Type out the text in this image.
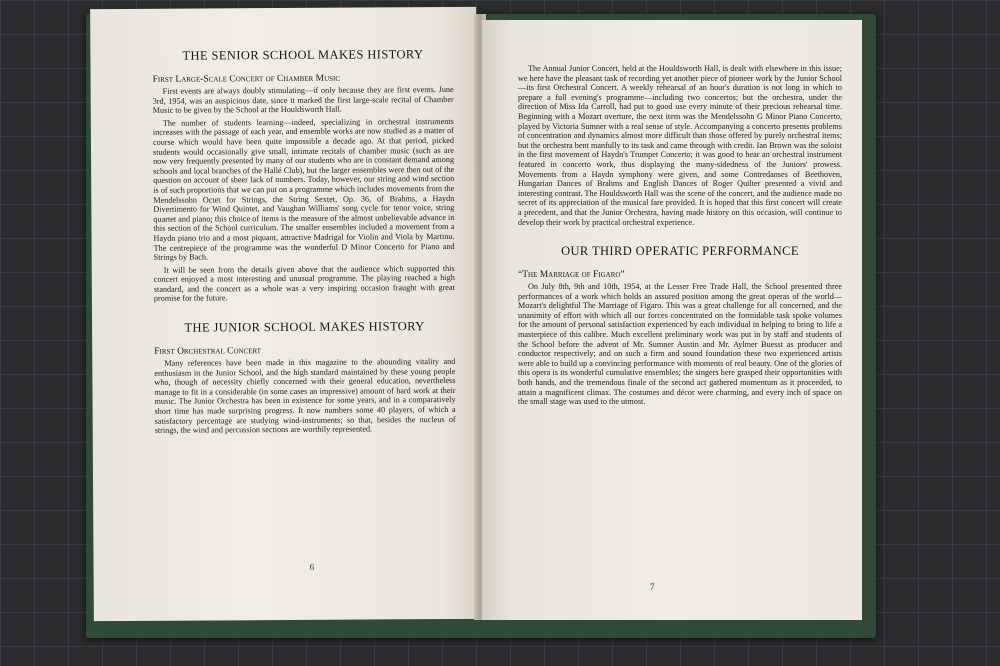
THE SENIOR SCHOOL MAKES HISTORY
First Large-Scale Concert of Chamber Music

First events are always doubly stimulating—if only because they are first events. June 3rd, 1954, was an auspicious date, since it marked the first large-scale recital of Chamber Music to be given by the School at the Houldsworth Hall.

The number of students learning—indeed, specializing in orchestral instruments increases with the passage of each year, and ensemble works are now studied as a matter of course which would have been quite impossible a decade ago. At that period, picked students would occasionally give small, intimate recitals of chamber music (such as are now very frequently presented by many of our students who are in constant demand among schools and local branches of the Hallé Club), but the larger ensembles were then out of the question on account of sheer lack of numbers. Today, however, our string and wind section is of such proportions that we can put on a programme which includes movements from the Mendelssohn Octet for Strings, the String Sextet, Op. 36, of Brahms, a Haydn Divertimento for Wind Quintet, and Vaughan Williams' song cycle for tenor voice, string quartet and piano; this choice of items is the measure of the almost unbelievable advance in this section of the School curriculum. The smaller ensembles included a movement from a Haydn piano trio and a most piquant, attractive Madrigal for Violin and Viola by Martinu. The centrepiece of the programme was the wonderful D Minor Concerto for Piano and Strings by Bach.

It will be seen from the details given above that the audience which supported this concert enjoyed a most interesting and unusual programme. The playing reached a high standard, and the concert as a whole was a very inspiring occasion fraught with great promise for the future.

THE JUNIOR SCHOOL MAKES HISTORY
First Orchestral Concert

Many references have been made in this magazine to the abounding vitality and enthusiasm in the Junior School, and the high standard maintained by these young people who, though of necessity chiefly concerned with their general education, nevertheless manage to fit in a considerable (in some cases an impressive) amount of hard work at their music. The Junior Orchestra has been in existence for some years, and in a comparatively short time has made surprising progress. It now numbers some 40 players, of which a satisfactory percentage are studying wind-instruments; so that, besides the nucleus of strings, the wind and percussion sections are worthily represented.

6

The Annual Junior Concert, held at the Houldsworth Hall, is dealt with elsewhere in this issue; we here have the pleasant task of recording yet another piece of pioneer work by the Junior School—its first Orchestral Concert. A weekly rehearsal of an hour's duration is not long in which to prepare a full evening's programme—including two concertos; but the orchestra, under the direction of Miss Ida Carroll, had put to good use every minute of their precious rehearsal time. Beginning with a Mozart overture, the next item was the Mendelssohn G Minor Piano Concerto, played by Victoria Sumner with a real sense of style. Accompanying a concerto presents problems of concentration and dynamics almost more difficult than those offered by purely orchestral items; but the orchestra bent manfully to its task and came through with credit. Ian Brown was the soloist in the first movement of Haydn's Trumpet Concerto; it was good to hear an orchestral instrument featured in concerto work, thus displaying the many-sidedness of the Juniors' prowess. Movements from a Haydn symphony were given, and some Contredanses of Beethoven, Hungarian Dances of Brahms and English Dances of Roger Quilter presented a vivid and interesting contrast. The Houldsworth Hall was the scene of the concert, and the audience made no secret of its appreciation of the musical fare provided. It is hoped that this first concert will create a precedent, and that the Junior Orchestra, having made history on this occasion, will continue to develop their work by practical orchestral experience.

OUR THIRD OPERATIC PERFORMANCE
“The Marriage of Figaro”

On July 8th, 9th and 10th, 1954, at the Lesser Free Trade Hall, the School presented three performances of a work which holds an assured position among the great operas of the world—Mozart's delightful The Marriage of Figaro. This was a great challenge for all concerned, and the unanimity of effort with which all our forces concentrated on the formidable task spoke volumes for the amount of personal satisfaction experienced by each individual in helping to bring to life a masterpiece of this calibre. Much excellent preliminary work was put in by staff and students of the School before the advent of Mr. Sumner Austin and Mr. Aylmer Buesst as producer and conductor respectively; and on such a firm and sound foundation these two experienced artists were able to build up a convincing performance with moments of real beauty. One of the glories of this opera is its wonderful cumulative ensembles; the singers here grasped their opportunities with both hands, and the tremendous finale of the second act gathered momentum as it proceeded, to attain a magnificent climax. The costumes and décor were charming, and every inch of space on the small stage was used to the utmost.

7
